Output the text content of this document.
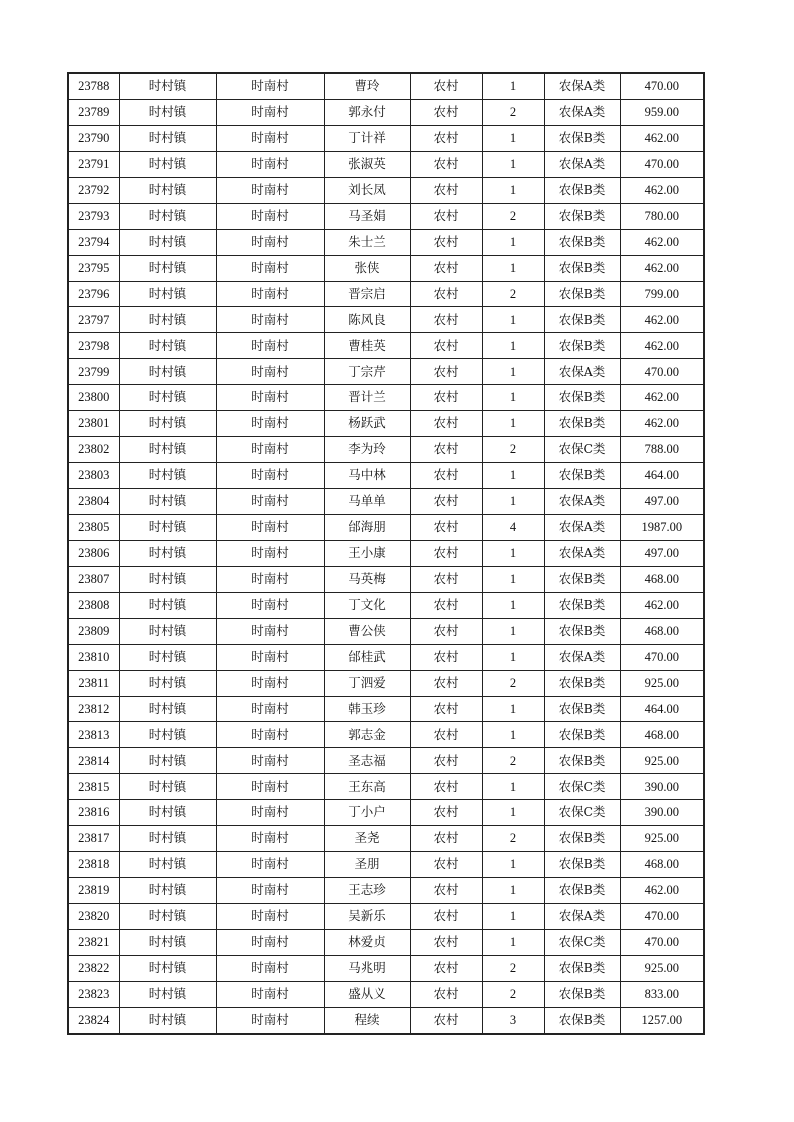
23788	时村镇	时南村	曹玲	农村	1	农保A类	470.00
23789	时村镇	时南村	郭永付	农村	2	农保A类	959.00
23790	时村镇	时南村	丁计祥	农村	1	农保B类	462.00
23791	时村镇	时南村	张淑英	农村	1	农保A类	470.00
23792	时村镇	时南村	刘长凤	农村	1	农保B类	462.00
23793	时村镇	时南村	马圣娟	农村	2	农保B类	780.00
23794	时村镇	时南村	朱士兰	农村	1	农保B类	462.00
23795	时村镇	时南村	张侠	农村	1	农保B类	462.00
23796	时村镇	时南村	晋宗启	农村	2	农保B类	799.00
23797	时村镇	时南村	陈风良	农村	1	农保B类	462.00
23798	时村镇	时南村	曹桂英	农村	1	农保B类	462.00
23799	时村镇	时南村	丁宗芹	农村	1	农保A类	470.00
23800	时村镇	时南村	晋计兰	农村	1	农保B类	462.00
23801	时村镇	时南村	杨跃武	农村	1	农保B类	462.00
23802	时村镇	时南村	李为玲	农村	2	农保C类	788.00
23803	时村镇	时南村	马中林	农村	1	农保B类	464.00
23804	时村镇	时南村	马单单	农村	1	农保A类	497.00
23805	时村镇	时南村	邰海朋	农村	4	农保A类	1987.00
23806	时村镇	时南村	王小康	农村	1	农保A类	497.00
23807	时村镇	时南村	马英梅	农村	1	农保B类	468.00
23808	时村镇	时南村	丁文化	农村	1	农保B类	462.00
23809	时村镇	时南村	曹公侠	农村	1	农保B类	468.00
23810	时村镇	时南村	邰桂武	农村	1	农保A类	470.00
23811	时村镇	时南村	丁泗爱	农村	2	农保B类	925.00
23812	时村镇	时南村	韩玉珍	农村	1	农保B类	464.00
23813	时村镇	时南村	郭志金	农村	1	农保B类	468.00
23814	时村镇	时南村	圣志福	农村	2	农保B类	925.00
23815	时村镇	时南村	王东高	农村	1	农保C类	390.00
23816	时村镇	时南村	丁小户	农村	1	农保C类	390.00
23817	时村镇	时南村	圣尧	农村	2	农保B类	925.00
23818	时村镇	时南村	圣朋	农村	1	农保B类	468.00
23819	时村镇	时南村	王志珍	农村	1	农保B类	462.00
23820	时村镇	时南村	吴新乐	农村	1	农保A类	470.00
23821	时村镇	时南村	林爱贞	农村	1	农保C类	470.00
23822	时村镇	时南村	马兆明	农村	2	农保B类	925.00
23823	时村镇	时南村	盛从义	农村	2	农保B类	833.00
23824	时村镇	时南村	程续	农村	3	农保B类	1257.00
